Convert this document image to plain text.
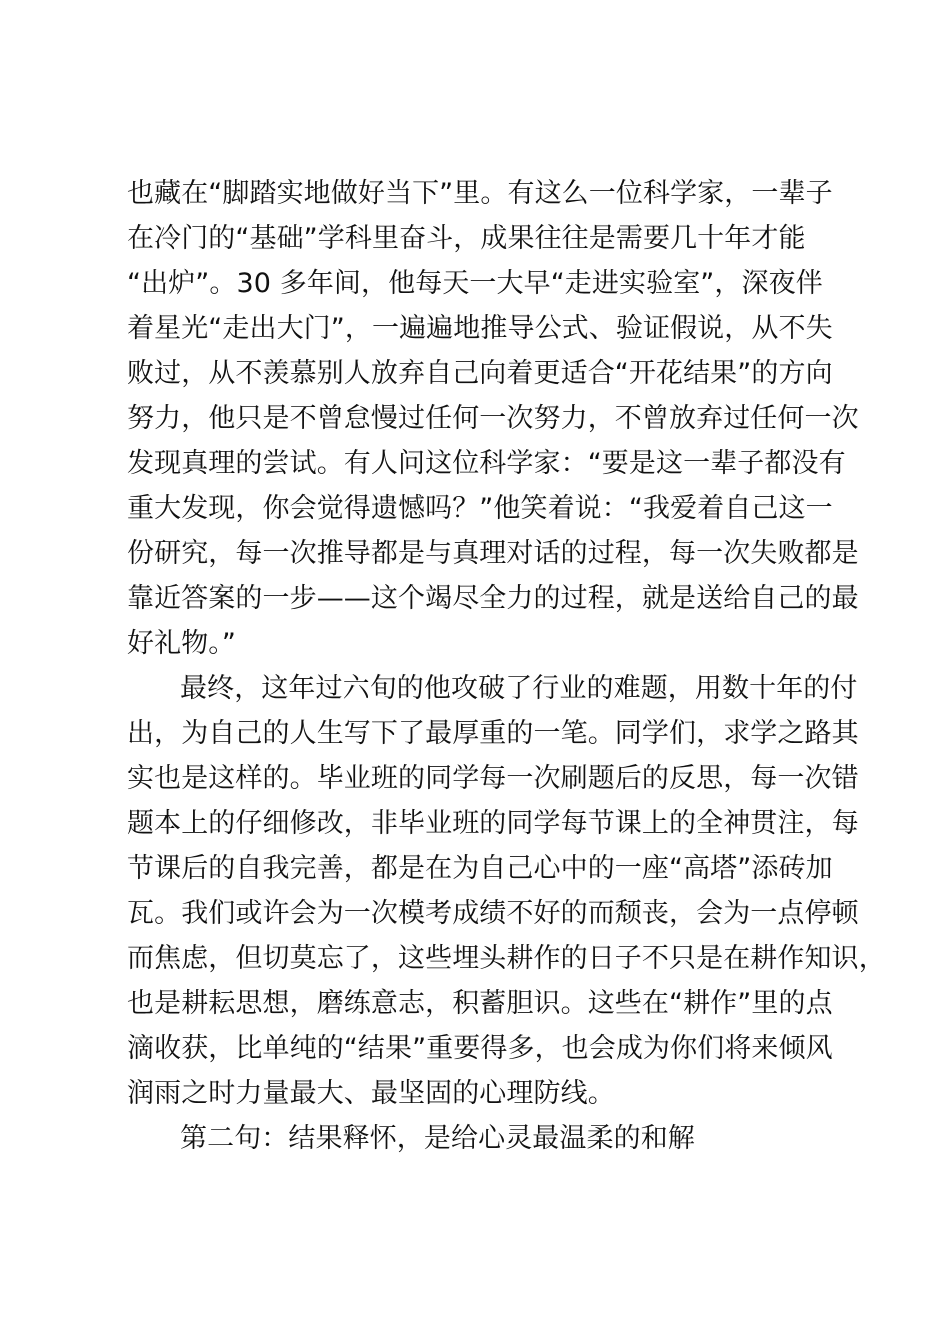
也藏在“脚踏实地做好当下”里。有这么一位科学家，一辈子
在冷门的“基础”学科里奋斗，成果往往是需要几十年才能
“出炉”。30 多年间，他每天一大早“走进实验室”，深夜伴
着星光“走出大门”，一遍遍地推导公式、验证假说，从不失
败过，从不羡慕别人放弃自己向着更适合“开花结果”的方向
努力，他只是不曾怠慢过任何一次努力，不曾放弃过任何一次
发现真理的尝试。有人问这位科学家：“要是这一辈子都没有
重大发现，你会觉得遗憾吗？”他笑着说：“我爱着自己这一
份研究，每一次推导都是与真理对话的过程，每一次失败都是
靠近答案的一步——这个竭尽全力的过程，就是送给自己的最
好礼物。”
最终，这年过六旬的他攻破了行业的难题，用数十年的付
出，为自己的人生写下了最厚重的一笔。同学们，求学之路其
实也是这样的。毕业班的同学每一次刷题后的反思，每一次错
题本上的仔细修改，非毕业班的同学每节课上的全神贯注，每
节课后的自我完善，都是在为自己心中的一座“高塔”添砖加
瓦。我们或许会为一次模考成绩不好的而颓丧，会为一点停顿
而焦虑，但切莫忘了，这些埋头耕作的日子不只是在耕作知识，
也是耕耘思想，磨练意志，积蓄胆识。这些在“耕作”里的点
滴收获，比单纯的“结果”重要得多，也会成为你们将来倾风
润雨之时力量最大、最坚固的心理防线。
第二句：结果释怀，是给心灵最温柔的和解
